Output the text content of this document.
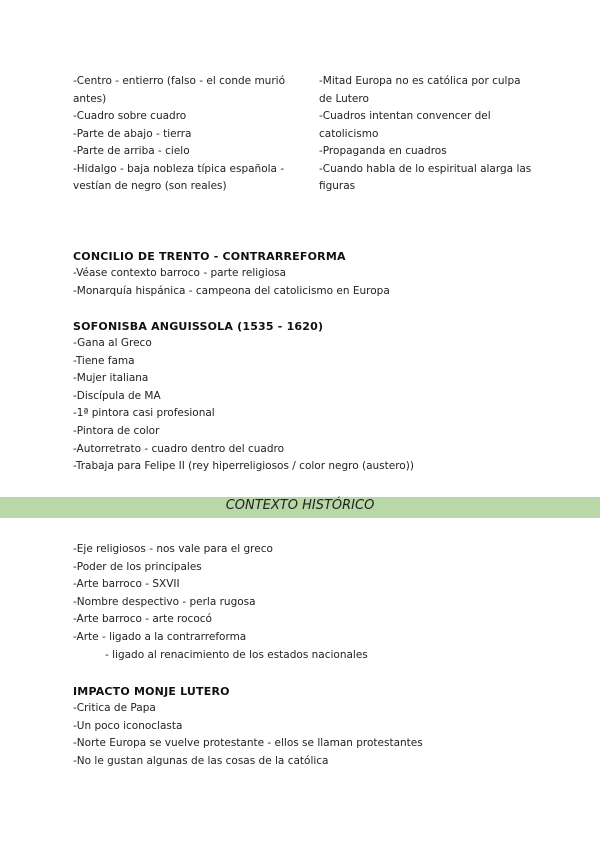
-Centro - entierro (falso - el conde murió antes)
-Cuadro sobre cuadro
-Parte de abajo - tierra
-Parte de arriba - cielo
-Hidalgo - baja nobleza típica española - vestían de negro (son reales)
-Mitad Europa no es católica por culpa de Lutero
-Cuadros intentan convencer del catolicismo
-Propaganda en cuadros
-Cuando habla de lo espiritual alarga las figuras
CONCILIO DE TRENTO - CONTRARREFORMA
-Véase contexto barroco - parte religiosa
-Monarquía hispánica - campeona del catolicismo en Europa
SOFONISBA ANGUISSOLA (1535 - 1620)
-Gana al Greco
-Tiene fama
-Mujer italiana
-Discípula de MA
-1ª pintora casi profesional
-Pintora de color
-Autorretrato - cuadro dentro del cuadro
-Trabaja para Felipe II (rey hiperreligiosos / color negro (austero))
CONTEXTO HISTÓRICO
-Eje religiosos - nos vale para el greco
-Poder de los principales
-Arte barroco - SXVII
-Nombre despectivo - perla rugosa
-Arte barroco - arte rococó
-Arte - ligado a la contrarreforma
- ligado al renacimiento de los estados nacionales
IMPACTO MONJE LUTERO
-Critica de Papa
-Un poco iconoclasta
-Norte Europa se vuelve protestante - ellos se llaman protestantes
-No le gustan algunas de las cosas de la católica
